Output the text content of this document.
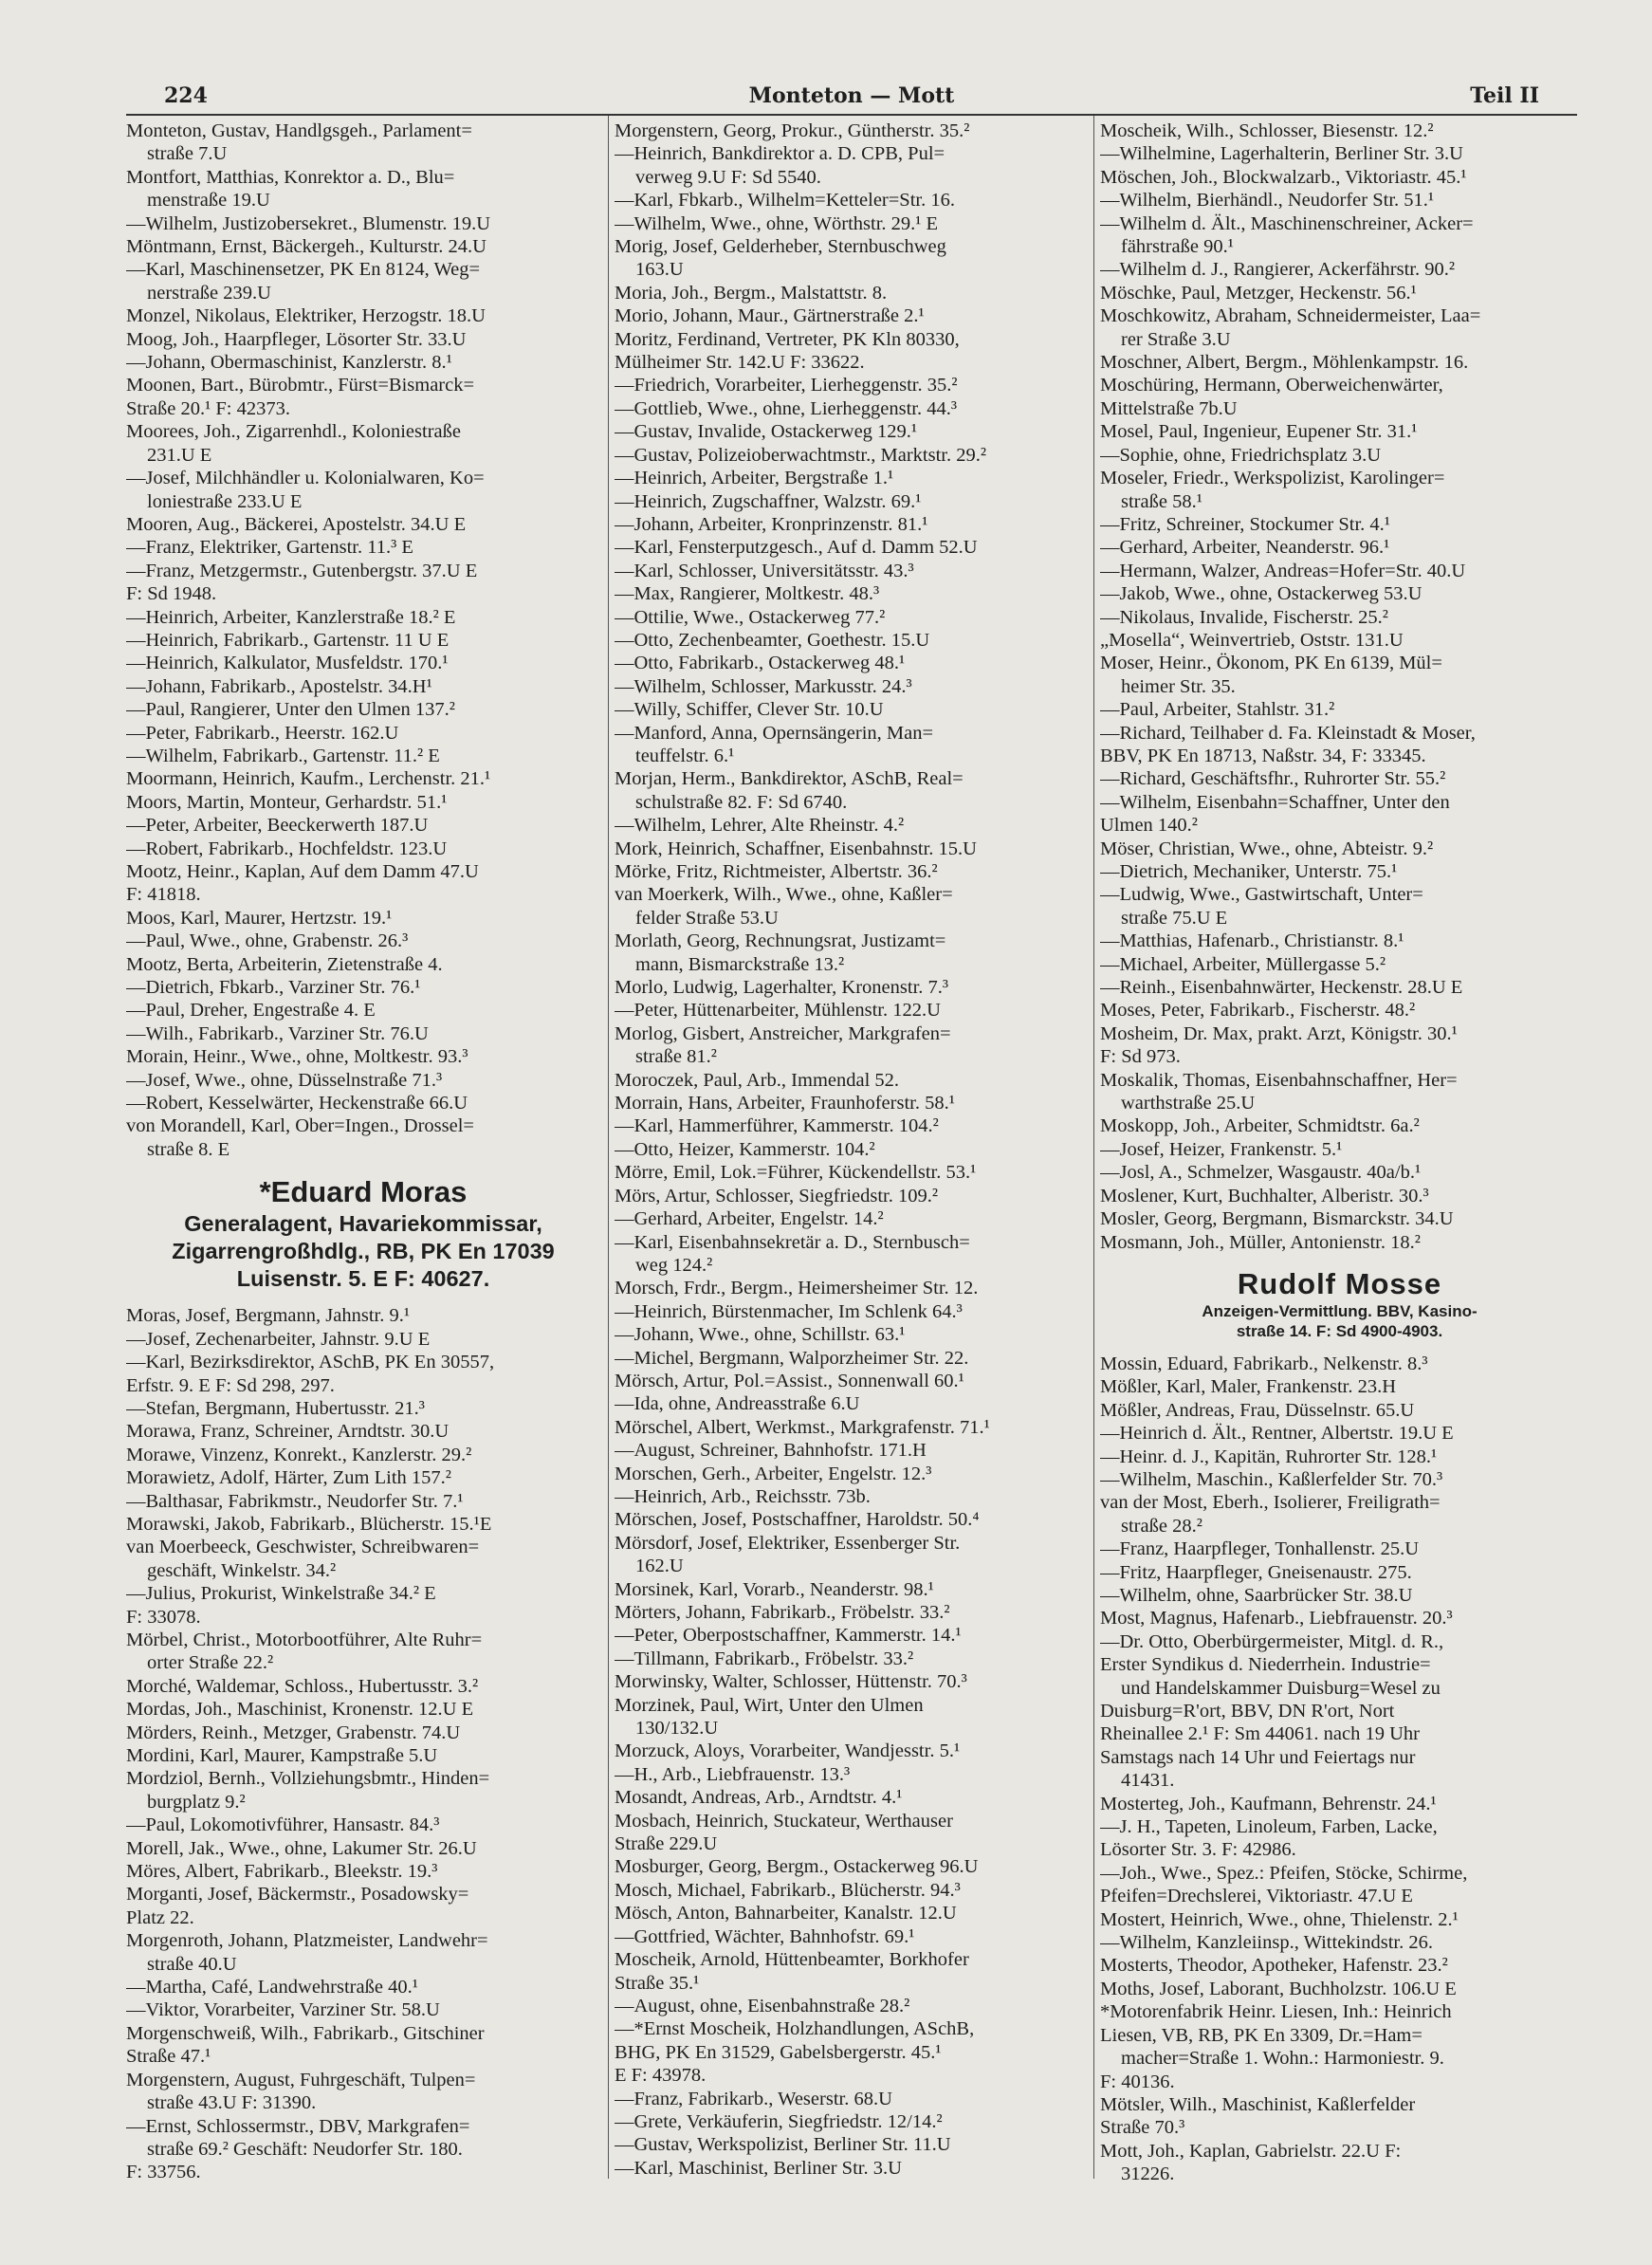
224	Monteton — Mott	Teil II
Monteton, Gustav, Handlgsgeh., Parlament=
straße 7.U
Montfort, Matthias, Konrektor a. D., Blu=
menstraße 19.U
—Wilhelm, Justizobersekret., Blumenstr. 19.U
Möntmann, Ernst, Bäckergeh., Kulturstr. 24.U
—Karl, Maschinensetzer, PK En 8124, Weg=
nerstraße 239.U
Monzel, Nikolaus, Elektriker, Herzogstr. 18.U
Moog, Joh., Haarpfleger, Lösorter Str. 33.U
—Johann, Obermaschinist, Kanzlerstr. 8.¹
Moonen, Bart., Bürobmtr., Fürst=Bismarck=
Straße 20.¹ F: 42373.
Moorees, Joh., Zigarrenhdl., Koloniestraße
231.U E
—Josef, Milchhändler u. Kolonialwaren, Ko=
loniestraße 233.U E
Mooren, Aug., Bäckerei, Apostelstr. 34.U E
—Franz, Elektriker, Gartenstr. 11.³ E
—Franz, Metzgermstr., Gutenbergstr. 37.U E
F: Sd 1948.
—Heinrich, Arbeiter, Kanzlerstraße 18.² E
—Heinrich, Fabrikarb., Gartenstr. 11 U E
—Heinrich, Kalkulator, Musfeldstr. 170.¹
—Johann, Fabrikarb., Apostelstr. 34.H¹
—Paul, Rangierer, Unter den Ulmen 137.²
—Peter, Fabrikarb., Heerstr. 162.U
—Wilhelm, Fabrikarb., Gartenstr. 11.² E
Moormann, Heinrich, Kaufm., Lerchenstr. 21.¹
Moors, Martin, Monteur, Gerhardstr. 51.¹
—Peter, Arbeiter, Beeckerwerth 187.U
—Robert, Fabrikarb., Hochfeldstr. 123.U
Mootz, Heinr., Kaplan, Auf dem Damm 47.U
F: 41818.
Moos, Karl, Maurer, Hertzstr. 19.¹
—Paul, Wwe., ohne, Grabenstr. 26.³
Mootz, Berta, Arbeiterin, Zietenstraße 4.
—Dietrich, Fbkarb., Varziner Str. 76.¹
—Paul, Dreher, Engestraße 4. E
—Wilh., Fabrikarb., Varziner Str. 76.U
Morain, Heinr., Wwe., ohne, Moltkestr. 93.³
—Josef, Wwe., ohne, Düsselnstraße 71.³
—Robert, Kesselwärter, Heckenstraße 66.U
von Morandell, Karl, Ober=Ingen., Drossel=
straße 8. E
*Eduard Moras
Generalagent, Havariekommissar,
Zigarrengroßhdlg., RB, PK En 17039
Luisenstr. 5. E F: 40627.
Moras, Josef, Bergmann, Jahnstr. 9.¹
—Josef, Zechenarbeiter, Jahnstr. 9.U E
—Karl, Bezirksdirektor, ASchB, PK En 30557,
Erfstr. 9. E F: Sd 298, 297.
—Stefan, Bergmann, Hubertusstr. 21.³
Morawa, Franz, Schreiner, Arndtstr. 30.U
Morawe, Vinzenz, Konrekt., Kanzlerstr. 29.²
Morawietz, Adolf, Härter, Zum Lith 157.²
—Balthasar, Fabrikmstr., Neudorfer Str. 7.¹
Morawski, Jakob, Fabrikarb., Blücherstr. 15.¹E
van Moerbeeck, Geschwister, Schreibwaren=
geschäft, Winkelstr. 34.²
—Julius, Prokurist, Winkelstraße 34.² E
F: 33078.
Mörbel, Christ., Motorbootführer, Alte Ruhr=
orter Straße 22.²
Morché, Waldemar, Schloss., Hubertusstr. 3.²
Mordas, Joh., Maschinist, Kronenstr. 12.U E
Mörders, Reinh., Metzger, Grabenstr. 74.U
Mordini, Karl, Maurer, Kampstraße 5.U
Mordziol, Bernh., Vollziehungsbmtr., Hinden=
burgplatz 9.²
—Paul, Lokomotivführer, Hansastr. 84.³
Morell, Jak., Wwe., ohne, Lakumer Str. 26.U
Möres, Albert, Fabrikarb., Bleekstr. 19.³
Morganti, Josef, Bäckermstr., Posadowsky=
Platz 22.
Morgenroth, Johann, Platzmeister, Landwehr=
straße 40.U
—Martha, Café, Landwehrstraße 40.¹
—Viktor, Vorarbeiter, Varziner Str. 58.U
Morgenschweiß, Wilh., Fabrikarb., Gitschiner
Straße 47.¹
Morgenstern, August, Fuhrgeschäft, Tulpen=
straße 43.U F: 31390.
—Ernst, Schlossermstr., DBV, Markgrafen=
straße 69.² Geschäft: Neudorfer Str. 180.
F: 33756.
Morgenstern, Georg, Prokur., Güntherstr. 35.²
—Heinrich, Bankdirektor a. D. CPB, Pul=
verweg 9.U F: Sd 5540.
—Karl, Fbkarb., Wilhelm=Ketteler=Str. 16.
—Wilhelm, Wwe., ohne, Wörthstr. 29.¹ E
Morig, Josef, Gelderheber, Sternbuschweg
163.U
Moria, Joh., Bergm., Malstattstr. 8.
Morio, Johann, Maur., Gärtnerstraße 2.¹
Moritz, Ferdinand, Vertreter, PK Kln 80330,
Mülheimer Str. 142.U F: 33622.
—Friedrich, Vorarbeiter, Lierheggenstr. 35.²
—Gottlieb, Wwe., ohne, Lierheggenstr. 44.³
—Gustav, Invalide, Ostackerweg 129.¹
—Gustav, Polizeioberwachtmstr., Marktstr. 29.²
—Heinrich, Arbeiter, Bergstraße 1.¹
—Heinrich, Zugschaffner, Walzstr. 69.¹
—Johann, Arbeiter, Kronprinzenstr. 81.¹
—Karl, Fensterputzgesch., Auf d. Damm 52.U
—Karl, Schlosser, Universitätsstr. 43.³
—Max, Rangierer, Moltkestr. 48.³
—Ottilie, Wwe., Ostackerweg 77.²
—Otto, Zechenbeamter, Goethestr. 15.U
—Otto, Fabrikarb., Ostackerweg 48.¹
—Wilhelm, Schlosser, Markusstr. 24.³
—Willy, Schiffer, Clever Str. 10.U
—Manford, Anna, Opernsängerin, Man=
teuffelstr. 6.¹
Morjan, Herm., Bankdirektor, ASchB, Real=
schulstraße 82. F: Sd 6740.
—Wilhelm, Lehrer, Alte Rheinstr. 4.²
Mork, Heinrich, Schaffner, Eisenbahnstr. 15.U
Mörke, Fritz, Richtmeister, Albertstr. 36.²
van Moerkerk, Wilh., Wwe., ohne, Kaßler=
felder Straße 53.U
Morlath, Georg, Rechnungsrat, Justizamt=
mann, Bismarckstraße 13.²
Morlo, Ludwig, Lagerhalter, Kronenstr. 7.³
—Peter, Hüttenarbeiter, Mühlenstr. 122.U
Morlog, Gisbert, Anstreicher, Markgrafen=
straße 81.²
Moroczek, Paul, Arb., Immendal 52.
Morrain, Hans, Arbeiter, Fraunhoferstr. 58.¹
—Karl, Hammerführer, Kammerstr. 104.²
—Otto, Heizer, Kammerstr. 104.²
Mörre, Emil, Lok.=Führer, Kückendellstr. 53.¹
Mörs, Artur, Schlosser, Siegfriedstr. 109.²
—Gerhard, Arbeiter, Engelstr. 14.²
—Karl, Eisenbahnsekretär a. D., Sternbusch=
weg 124.²
Morsch, Frdr., Bergm., Heimersheimer Str. 12.
—Heinrich, Bürstenmacher, Im Schlenk 64.³
—Johann, Wwe., ohne, Schillstr. 63.¹
—Michel, Bergmann, Walporzheimer Str. 22.
Mörsch, Artur, Pol.=Assist., Sonnenwall 60.¹
—Ida, ohne, Andreasstraße 6.U
Mörschel, Albert, Werkmst., Markgrafenstr. 71.¹
—August, Schreiner, Bahnhofstr. 171.H
Morschen, Gerh., Arbeiter, Engelstr. 12.³
—Heinrich, Arb., Reichsstr. 73b.
Mörschen, Josef, Postschaffner, Haroldstr. 50.⁴
Mörsdorf, Josef, Elektriker, Essenberger Str.
162.U
Morsinek, Karl, Vorarb., Neanderstr. 98.¹
Mörters, Johann, Fabrikarb., Fröbelstr. 33.²
—Peter, Oberpostschaffner, Kammerstr. 14.¹
—Tillmann, Fabrikarb., Fröbelstr. 33.²
Morwinsky, Walter, Schlosser, Hüttenstr. 70.³
Morzinek, Paul, Wirt, Unter den Ulmen
130/132.U
Morzuck, Aloys, Vorarbeiter, Wandjesstr. 5.¹
—H., Arb., Liebfrauenstr. 13.³
Mosandt, Andreas, Arb., Arndtstr. 4.¹
Mosbach, Heinrich, Stuckateur, Werthauser
Straße 229.U
Mosburger, Georg, Bergm., Ostackerweg 96.U
Mosch, Michael, Fabrikarb., Blücherstr. 94.³
Mösch, Anton, Bahnarbeiter, Kanalstr. 12.U
—Gottfried, Wächter, Bahnhofstr. 69.¹
Moscheik, Arnold, Hüttenbeamter, Borkhofer
Straße 35.¹
—August, ohne, Eisenbahnstraße 28.²
—*Ernst Moscheik, Holzhandlungen, ASchB,
BHG, PK En 31529, Gabelsbergerstr. 45.¹
E F: 43978.
—Franz, Fabrikarb., Weserstr. 68.U
—Grete, Verkäuferin, Siegfriedstr. 12/14.²
—Gustav, Werkspolizist, Berliner Str. 11.U
—Karl, Maschinist, Berliner Str. 3.U
Moscheik, Wilh., Schlosser, Biesenstr. 12.²
—Wilhelmine, Lagerhalterin, Berliner Str. 3.U
Möschen, Joh., Blockwalzarb., Viktoriastr. 45.¹
—Wilhelm, Bierhändl., Neudorfer Str. 51.¹
—Wilhelm d. Ält., Maschinenschreiner, Acker=
fährstraße 90.¹
—Wilhelm d. J., Rangierer, Ackerfährstr. 90.²
Möschke, Paul, Metzger, Heckenstr. 56.¹
Moschkowitz, Abraham, Schneidermeister, Laa=
rer Straße 3.U
Moschner, Albert, Bergm., Möhlenkampstr. 16.
Moschüring, Hermann, Oberweichenwärter,
Mittelstraße 7b.U
Mosel, Paul, Ingenieur, Eupener Str. 31.¹
—Sophie, ohne, Friedrichsplatz 3.U
Moseler, Friedr., Werkspolizist, Karolinger=
straße 58.¹
—Fritz, Schreiner, Stockumer Str. 4.¹
—Gerhard, Arbeiter, Neanderstr. 96.¹
—Hermann, Walzer, Andreas=Hofer=Str. 40.U
—Jakob, Wwe., ohne, Ostackerweg 53.U
—Nikolaus, Invalide, Fischerstr. 25.²
„Mosella“, Weinvertrieb, Oststr. 131.U
Moser, Heinr., Ökonom, PK En 6139, Mül=
heimer Str. 35.
—Paul, Arbeiter, Stahlstr. 31.²
—Richard, Teilhaber d. Fa. Kleinstadt & Moser,
BBV, PK En 18713, Naßstr. 34, F: 33345.
—Richard, Geschäftsfhr., Ruhrorter Str. 55.²
—Wilhelm, Eisenbahn=Schaffner, Unter den
Ulmen 140.²
Möser, Christian, Wwe., ohne, Abteistr. 9.²
—Dietrich, Mechaniker, Unterstr. 75.¹
—Ludwig, Wwe., Gastwirtschaft, Unter=
straße 75.U E
—Matthias, Hafenarb., Christianstr. 8.¹
—Michael, Arbeiter, Müllergasse 5.²
—Reinh., Eisenbahnwärter, Heckenstr. 28.U E
Moses, Peter, Fabrikarb., Fischerstr. 48.²
Mosheim, Dr. Max, prakt. Arzt, Königstr. 30.¹
F: Sd 973.
Moskalik, Thomas, Eisenbahnschaffner, Her=
warthstraße 25.U
Moskopp, Joh., Arbeiter, Schmidtstr. 6a.²
—Josef, Heizer, Frankenstr. 5.¹
—Josl, A., Schmelzer, Wasgaustr. 40a/b.¹
Moslener, Kurt, Buchhalter, Alberistr. 30.³
Mosler, Georg, Bergmann, Bismarckstr. 34.U
Mosmann, Joh., Müller, Antonienstr. 18.²
Rudolf Mosse
Anzeigen-Vermittlung. BBV, Kasino-
straße 14. F: Sd 4900-4903.
Mossin, Eduard, Fabrikarb., Nelkenstr. 8.³
Mößler, Karl, Maler, Frankenstr. 23.H
Mößler, Andreas, Frau, Düsselnstr. 65.U
—Heinrich d. Ält., Rentner, Albertstr. 19.U E
—Heinr. d. J., Kapitän, Ruhrorter Str. 128.¹
—Wilhelm, Maschin., Kaßlerfelder Str. 70.³
van der Most, Eberh., Isolierer, Freiligrath=
straße 28.²
—Franz, Haarpfleger, Tonhallenstr. 25.U
—Fritz, Haarpfleger, Gneisenaustr. 275.
—Wilhelm, ohne, Saarbrücker Str. 38.U
Most, Magnus, Hafenarb., Liebfrauenstr. 20.³
—Dr. Otto, Oberbürgermeister, Mitgl. d. R.,
Erster Syndikus d. Niederrhein. Industrie=
und Handelskammer Duisburg=Wesel zu
Duisburg=R'ort, BBV, DN R'ort, Nort
Rheinallee 2.¹ F: Sm 44061. nach 19 Uhr
Samstags nach 14 Uhr und Feiertags nur
41431.
Mosterteg, Joh., Kaufmann, Behrenstr. 24.¹
—J. H., Tapeten, Linoleum, Farben, Lacke,
Lösorter Str. 3. F: 42986.
—Joh., Wwe., Spez.: Pfeifen, Stöcke, Schirme,
Pfeifen=Drechslerei, Viktoriastr. 47.U E
Mostert, Heinrich, Wwe., ohne, Thielenstr. 2.¹
—Wilhelm, Kanzleiinsp., Wittekindstr. 26.
Mosterts, Theodor, Apotheker, Hafenstr. 23.²
Moths, Josef, Laborant, Buchholzstr. 106.U E
*Motorenfabrik Heinr. Liesen, Inh.: Heinrich
Liesen, VB, RB, PK En 3309, Dr.=Ham=
macher=Straße 1. Wohn.: Harmoniestr. 9.
F: 40136.
Mötsler, Wilh., Maschinist, Kaßlerfelder
Straße 70.³
Mott, Joh., Kaplan, Gabrielstr. 22.U F:
31226.
